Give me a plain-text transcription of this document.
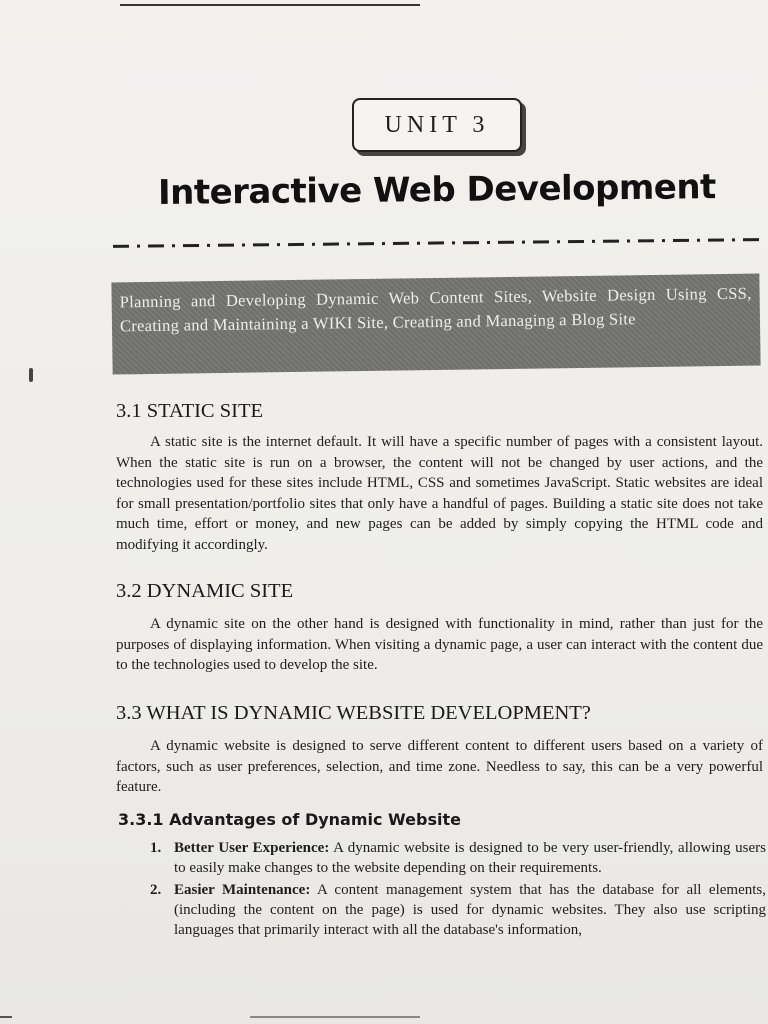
UNIT 3
Interactive Web Development
Planning and Developing Dynamic Web Content Sites, Website Design Using CSS, Creating and Maintaining a WIKI Site, Creating and Managing a Blog Site
3.1 STATIC SITE
A static site is the internet default. It will have a specific number of pages with a consistent layout. When the static site is run on a browser, the content will not be changed by user actions, and the technologies used for these sites include HTML, CSS and sometimes JavaScript. Static websites are ideal for small presentation/portfolio sites that only have a handful of pages. Building a static site does not take much time, effort or money, and new pages can be added by simply copying the HTML code and modifying it accordingly.
3.2 DYNAMIC SITE
A dynamic site on the other hand is designed with functionality in mind, rather than just for the purposes of displaying information. When visiting a dynamic page, a user can interact with the content due to the technologies used to develop the site.
3.3 WHAT IS DYNAMIC WEBSITE DEVELOPMENT?
A dynamic website is designed to serve different content to different users based on a variety of factors, such as user preferences, selection, and time zone. Needless to say, this can be a very powerful feature.
3.3.1 Advantages of Dynamic Website
1. Better User Experience: A dynamic website is designed to be very user-friendly, allowing users to easily make changes to the website depending on their requirements.
2. Easier Maintenance: A content management system that has the database for all elements, (including the content on the page) is used for dynamic websites. They also use scripting languages that primarily interact with all the database's information,
